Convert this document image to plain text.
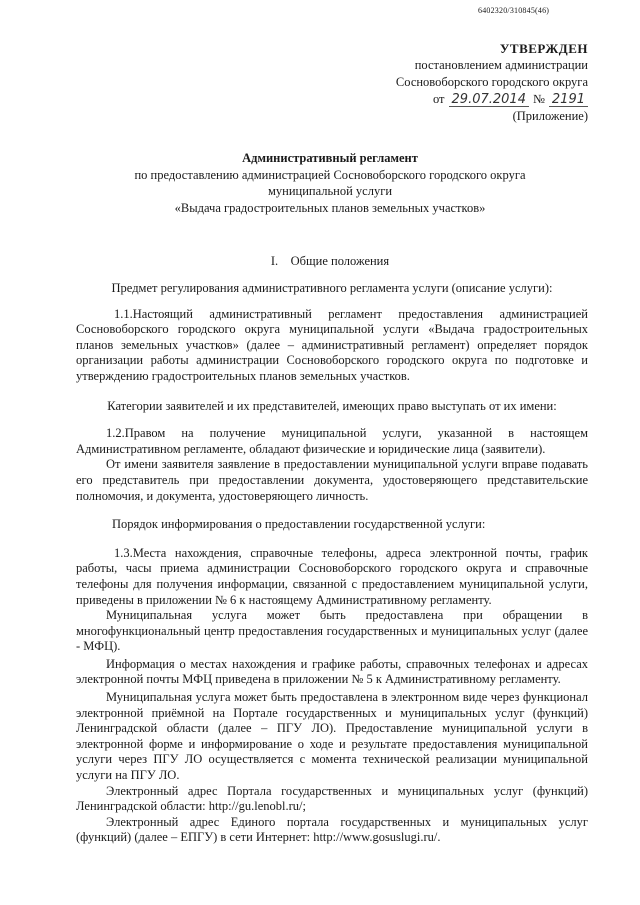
6402320/310845(46)
УТВЕРЖДЕН
постановлением администрации
Сосновоборского городского округа
от 29.07.2014 № 2191
(Приложение)
Административный регламент
по предоставлению администрацией Сосновоборского городского округа
муниципальной услуги
«Выдача градостроительных планов земельных участков»
I.    Общие положения

Предмет регулирования административного регламента услуги (описание услуги):

1.1.Настоящий административный регламент предоставления администрацией Сосновоборского городского округа муниципальной услуги «Выдача градостроительных планов земельных участков» (далее – административный регламент) определяет порядок организации работы администрации Сосновоборского городского округа по подготовке и утверждению градостроительных планов земельных участков.

Категории заявителей и их представителей, имеющих право выступать от их имени:

1.2.Правом на получение муниципальной услуги, указанной в настоящем Административном регламенте, обладают физические и юридические лица (заявители).

От имени заявителя заявление в предоставлении муниципальной услуги вправе подавать его представитель при предоставлении документа, удостоверяющего представительские полномочия, и документа, удостоверяющего личность.

Порядок информирования о предоставлении государственной услуги:

1.3.Места нахождения, справочные телефоны, адреса электронной почты, график работы, часы приема администрации Сосновоборского городского округа и справочные телефоны для получения информации, связанной с предоставлением муниципальной услуги, приведены в приложении № 6 к настоящему Административному регламенту.

Муниципальная услуга может быть предоставлена при обращении в многофункциональный центр предоставления государственных и муниципальных услуг (далее - МФЦ).

Информация о местах нахождения и графике работы, справочных телефонах и адресах электронной почты МФЦ приведена в приложении № 5 к Административному регламенту.

Муниципальная услуга может быть предоставлена в электронном виде через функционал электронной приёмной на Портале государственных и муниципальных услуг (функций) Ленинградской области (далее – ПГУ ЛО). Предоставление муниципальной услуги в электронной форме и информирование о ходе и результате предоставления муниципальной услуги через ПГУ ЛО осуществляется с момента технической реализации муниципальной услуги на ПГУ ЛО.

Электронный адрес Портала государственных и муниципальных услуг (функций) Ленинградской области: http://gu.lenobl.ru/;

Электронный адрес Единого портала государственных и муниципальных услуг (функций) (далее – ЕПГУ) в сети Интернет: http://www.gosuslugi.ru/.
